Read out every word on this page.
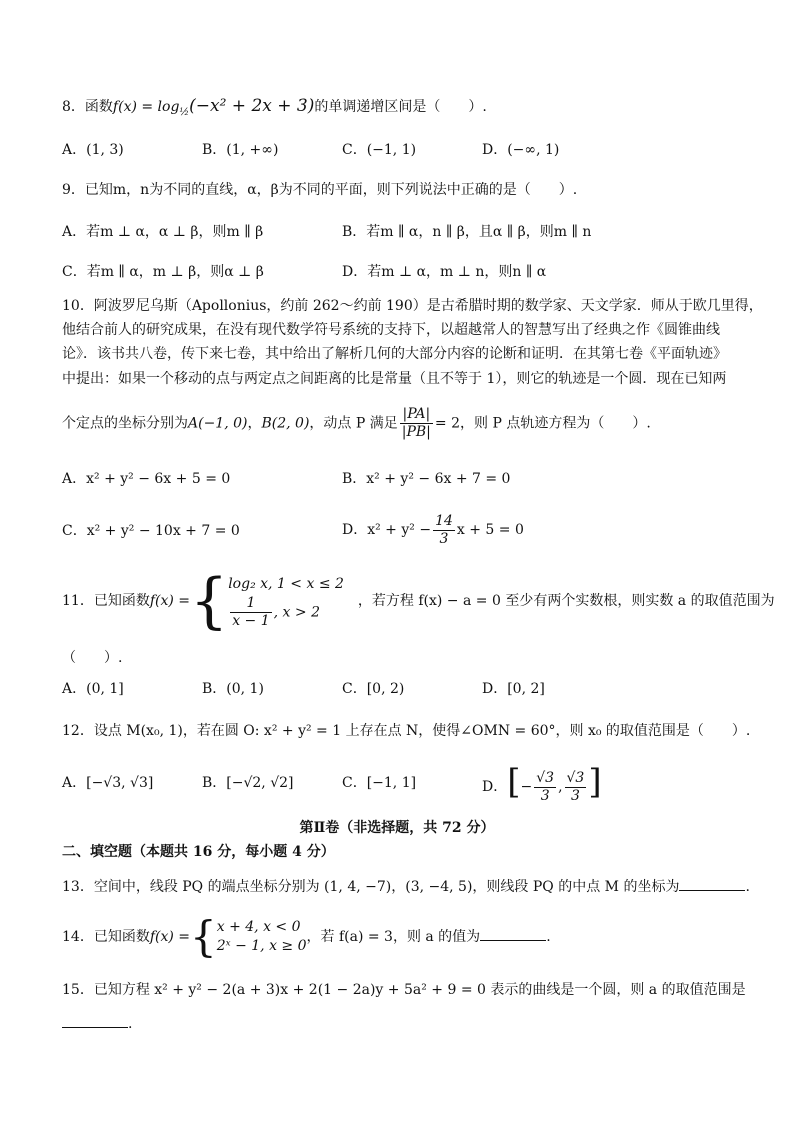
8．函数$f(x) = \log_{\frac{1}{2}}(-x^2 + 2x + 3)$的单调递增区间是（　　）.
A．(1, 3)	B．(1, +∞)	C．(−1, 1)	D．(−∞, 1)
9．已知m，n为不同的直线，α，β为不同的平面，则下列说法中正确的是（　　）.
A．若m ⊥ α，α ⊥ β，则m ∥ β	B．若m ∥ α，n ∥ β，且α ∥ β，则m ∥ n
C．若m ∥ α，m ⊥ β，则α ⊥ β	D．若m ⊥ α，m ⊥ n，则n ∥ α
10．阿波罗尼乌斯（Apollonius，约前 262～约前 190）是古希腊时期的数学家、天文学家．师从于欧几里得，
他结合前人的研究成果，在没有现代数学符号系统的支持下，以超越常人的智慧写出了经典之作《圆锥曲线
论》．该书共八卷，传下来七卷，其中给出了解析几何的大部分内容的论断和证明．在其第七卷《平面轨迹》
中提出：如果一个移动的点与两定点之间距离的比是常量（且不等于 1），则它的轨迹是一个圆．现在已知两
个定点的坐标分别为A(−1, 0)，B(2, 0)，动点 P 满足 $\frac{|PA|}{|PB|} = 2$，则 P 点轨迹方程为（　　）.
A．x² + y² − 6x + 5 = 0	B．x² + y² − 6x + 7 = 0
C．x² + y² − 10x + 7 = 0	D．$x^2 + y^2 - \frac{14}{3}$ x + 5 = 0
11．已知函数f(x) ={ log₂ x, 1 < x ≤ 2
$\frac{1}{x - 1}$ , x > 2
，若方程 f(x) − a = 0 至少有两个实数根，则实数 a 的取值范围为
（　　）.
A．(0, 1]	B．(0, 1)	C．[0, 2)	D．[0, 2]
12．设点 M(x₀, 1)，若在圆 O: x² + y² = 1 上存在点 N，使得∠OMN = 60°，则 x₀ 的取值范围是（　　）.
A．[−√3, √3]	B．[−√2, √2]	C．[−1, 1]	D．[− $\frac{√3}{3}$ , $\frac{√3}{3}$ ]
第Ⅱ卷（非选择题，共 72 分）
二、填空题（本题共 16 分，每小题 4 分）
13．空间中，线段 PQ 的端点坐标分别为 (1, 4, −7)，(3, −4, 5)，则线段 PQ 的中点 M 的坐标为	.
14．已知函数f(x) ={ x + 4, x < 0
2ˣ − 1, x ≥ 0
，若 f(a) = 3，则 a 的值为	.
15．已知方程 x² + y² − 2(a + 3)x + 2(1 − 2a)y + 5a² + 9 = 0 表示的曲线是一个圆，则 a 的取值范围是
.
